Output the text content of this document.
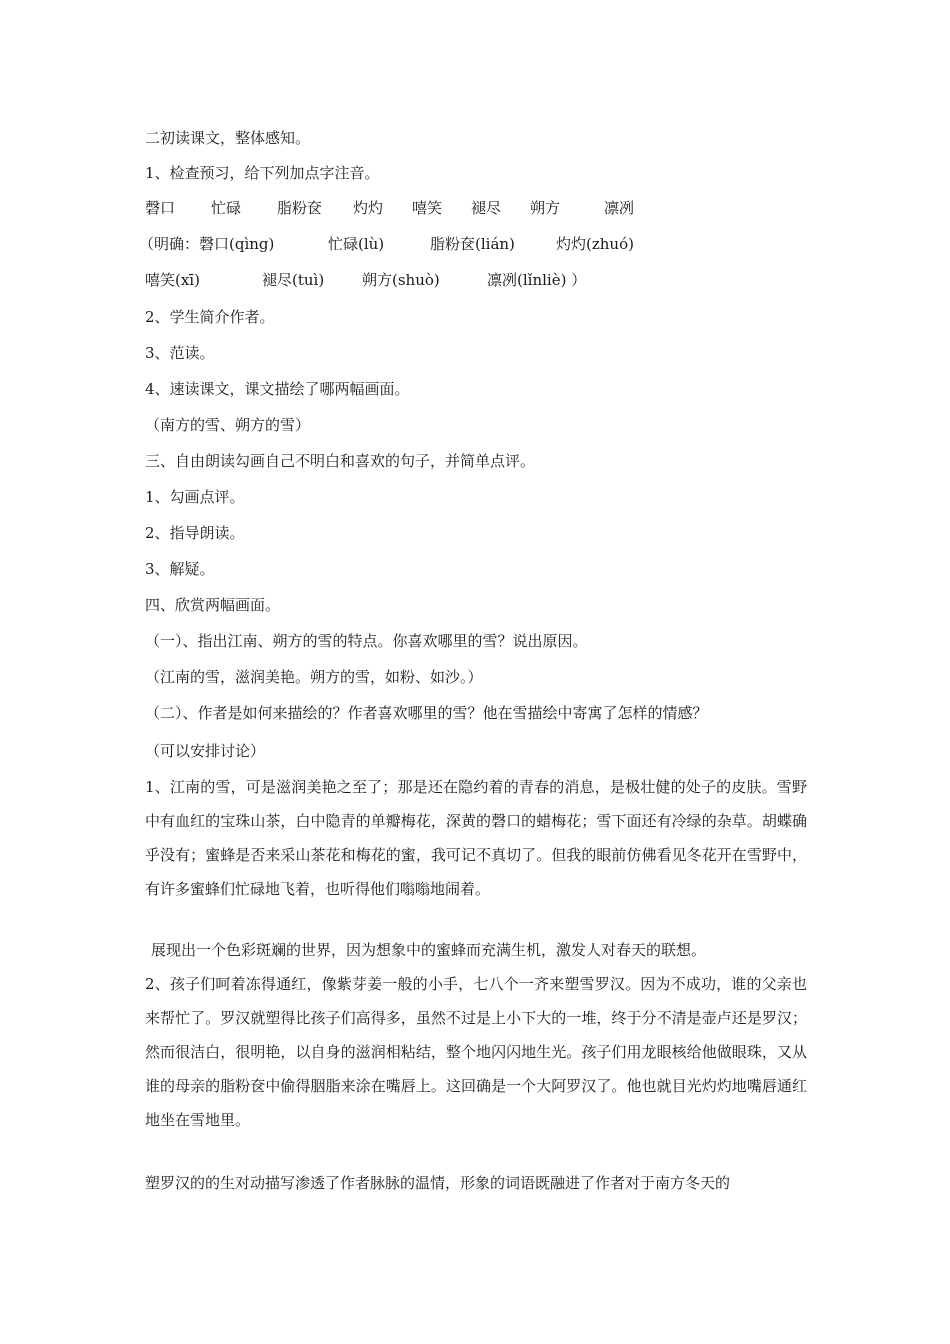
二初读课文，整体感知。
1、检查预习，给下列加点字注音。
磬口 忙碌 脂粉奁 灼灼 嘻笑 褪尽 朔方	凛冽
（明确：磬口(qìng)	忙碌(lù)	脂粉奁(lián)	灼灼(zhuó)
嘻笑(xī)	褪尽(tuì)	朔方(shuò)	凛冽(lǐnliè) ）
2、学生简介作者。
3、范读。
4、速读课文，课文描绘了哪两幅画面。
（南方的雪、朔方的雪）
三、自由朗读勾画自己不明白和喜欢的句子，并简单点评。
1、勾画点评。
2、指导朗读。
3、解疑。
四、欣赏两幅画面。
（一）、指出江南、朔方的雪的特点。你喜欢哪里的雪？说出原因。
（江南的雪，滋润美艳。朔方的雪，如粉、如沙。）
（二）、作者是如何来描绘的？作者喜欢哪里的雪？他在雪描绘中寄寓了怎样的情感？
（可以安排讨论）
1、江南的雪，可是滋润美艳之至了；那是还在隐约着的青春的消息，是极壮健的处子的皮肤。雪野中有血红的宝珠山茶，白中隐青的单瓣梅花，深黄的磬口的蜡梅花；雪下面还有冷绿的杂草。胡蝶确乎没有；蜜蜂是否来采山茶花和梅花的蜜，我可记不真切了。但我的眼前仿佛看见冬花开在雪野中，有许多蜜蜂们忙碌地飞着，也听得他们嗡嗡地闹着。
展现出一个色彩斑斓的世界，因为想象中的蜜蜂而充满生机，激发人对春天的联想。
2、孩子们呵着冻得通红，像紫芽姜一般的小手，七八个一齐来塑雪罗汉。因为不成功，谁的父亲也来帮忙了。罗汉就塑得比孩子们高得多，虽然不过是上小下大的一堆，终于分不清是壶卢还是罗汉；然而很洁白，很明艳，以自身的滋润相粘结，整个地闪闪地生光。孩子们用龙眼核给他做眼珠，又从谁的母亲的脂粉奁中偷得胭脂来涂在嘴唇上。这回确是一个大阿罗汉了。他也就目光灼灼地嘴唇通红地坐在雪地里。
塑罗汉的的生对动描写渗透了作者脉脉的温情，形象的词语既融进了作者对于南方冬天的
